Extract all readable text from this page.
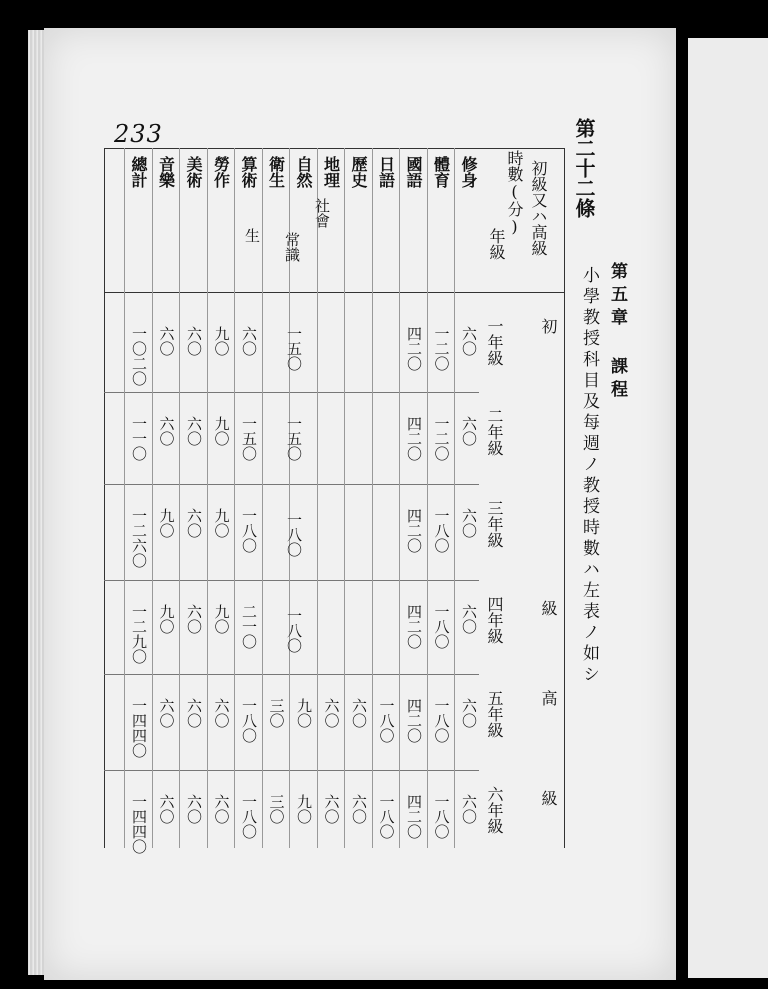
233	第二十二條
第五章 課程
小學教授科目及每週ノ教授時數ハ左表ノ如シ
一年級
二年級
三年級
四年級
五年級
六年級
修身
六〇
六〇
六〇
六〇
六〇
六〇
體育
一二〇
一二〇
一八〇
一八〇
一八〇
一八〇
國語
四二〇
四二〇
四二〇
四二〇
四二〇
四二〇
日語
一八〇
一八〇
歷史
六〇
六〇
地理
六〇
六〇
自然
九〇
九〇
衛生
三〇
三〇
算術
六〇
一五〇
一八〇
二一〇
一八〇
一八〇
勞作
九〇
九〇
九〇
九〇
六〇
六〇
美術
六〇
六〇
六〇
六〇
六〇
六〇
音樂
六〇
六〇
九〇
九〇
六〇
六〇
總計
一〇二〇
一一〇
一二六〇
一二九〇
一四四〇
一四四〇
初級又ハ高級
時數(分)
年級
初
級
高
級
一五〇
一五〇
一八〇
一八〇
社會
常識
生
